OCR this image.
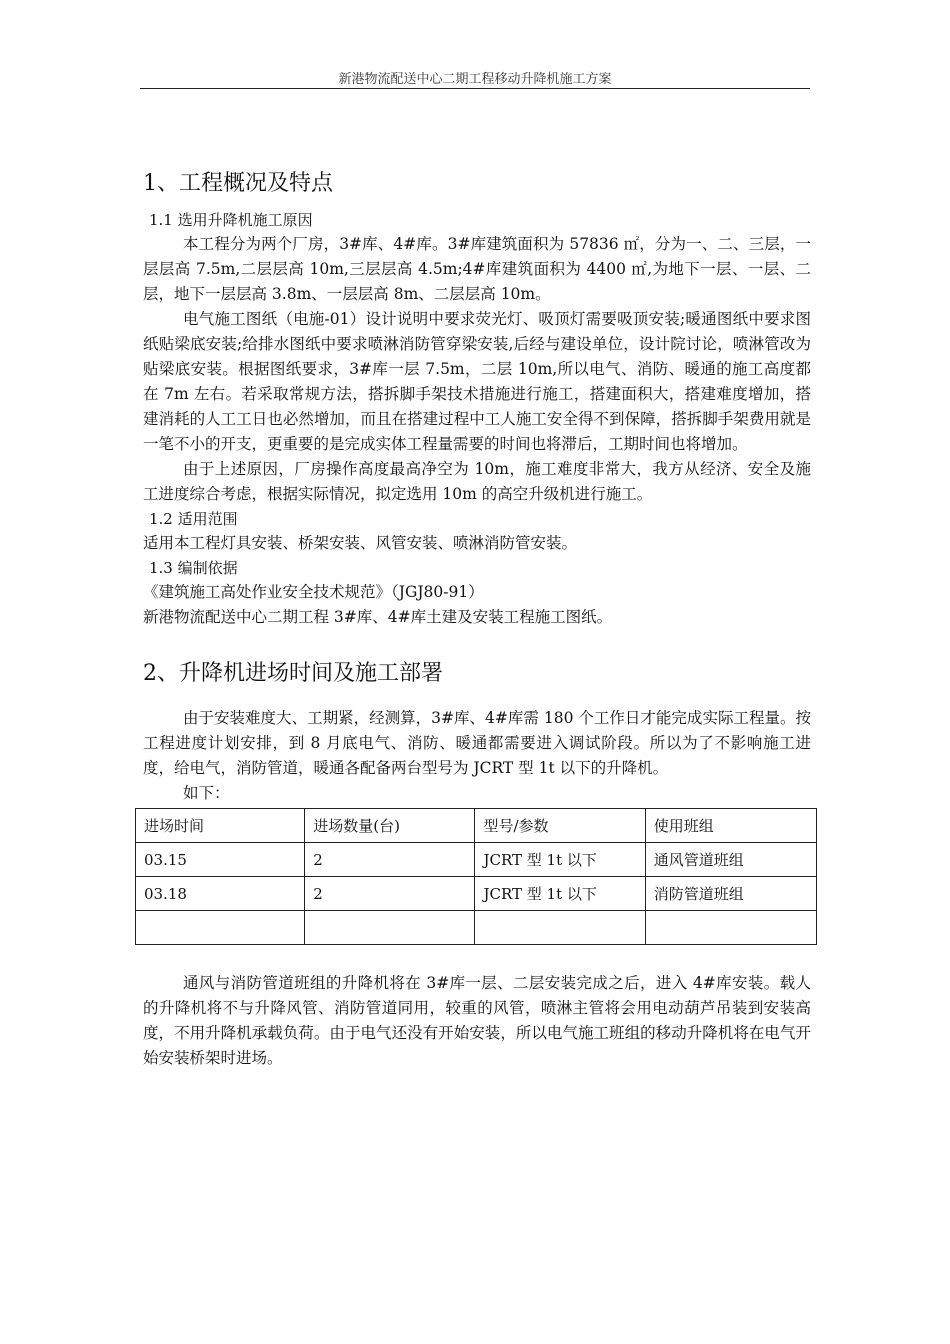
新港物流配送中心二期工程移动升降机施工方案
1、工程概况及特点
1.1 选用升降机施工原因

本工程分为两个厂房，3#库、4#库。3#库建筑面积为 57836 ㎡，分为一、二、三层，一层层高 7.5m,二层层高 10m,三层层高 4.5m;4#库建筑面积为 4400 ㎡,为地下一层、一层、二层，地下一层层高 3.8m、一层层高 8m、二层层高 10m。

电气施工图纸（电施-01）设计说明中要求荧光灯、吸顶灯需要吸顶安装;暖通图纸中要求图纸贴梁底安装;给排水图纸中要求喷淋消防管穿梁安装,后经与建设单位，设计院讨论，喷淋管改为贴梁底安装。根据图纸要求，3#库一层 7.5m，二层 10m,所以电气、消防、暖通的施工高度都在 7m 左右。若采取常规方法，搭拆脚手架技术措施进行施工，搭建面积大，搭建难度增加，搭建消耗的人工工日也必然增加，而且在搭建过程中工人施工安全得不到保障，搭拆脚手架费用就是一笔不小的开支，更重要的是完成实体工程量需要的时间也将滞后，工期时间也将增加。

由于上述原因，厂房操作高度最高净空为 10m，施工难度非常大，我方从经济、安全及施工进度综合考虑，根据实际情况，拟定选用 10m 的高空升级机进行施工。

1.2 适用范围

适用本工程灯具安装、桥架安装、风管安装、喷淋消防管安装。

1.3 编制依据

《建筑施工高处作业安全技术规范》（JGJ80-91）

新港物流配送中心二期工程 3#库、4#库土建及安装工程施工图纸。

2、升降机进场时间及施工部署

由于安装难度大、工期紧，经测算，3#库、4#库需 180 个工作日才能完成实际工程量。按工程进度计划安排，到 8 月底电气、消防、暖通都需要进入调试阶段。所以为了不影响施工进度，给电气，消防管道，暖通各配备两台型号为 JCRT 型 1t 以下的升降机。

如下：

进场时间	进场数量(台)	型号/参数	使用班组
03.15	2	JCRT 型 1t 以下	通风管道班组
03.18	2	JCRT 型 1t 以下	消防管道班组

通风与消防管道班组的升降机将在 3#库一层、二层安装完成之后，进入 4#库安装。载人的升降机将不与升降风管、消防管道同用，较重的风管，喷淋主管将会用电动葫芦吊装到安装高度，不用升降机承载负荷。由于电气还没有开始安装，所以电气施工班组的移动升降机将在电气开始安装桥架时进场。
